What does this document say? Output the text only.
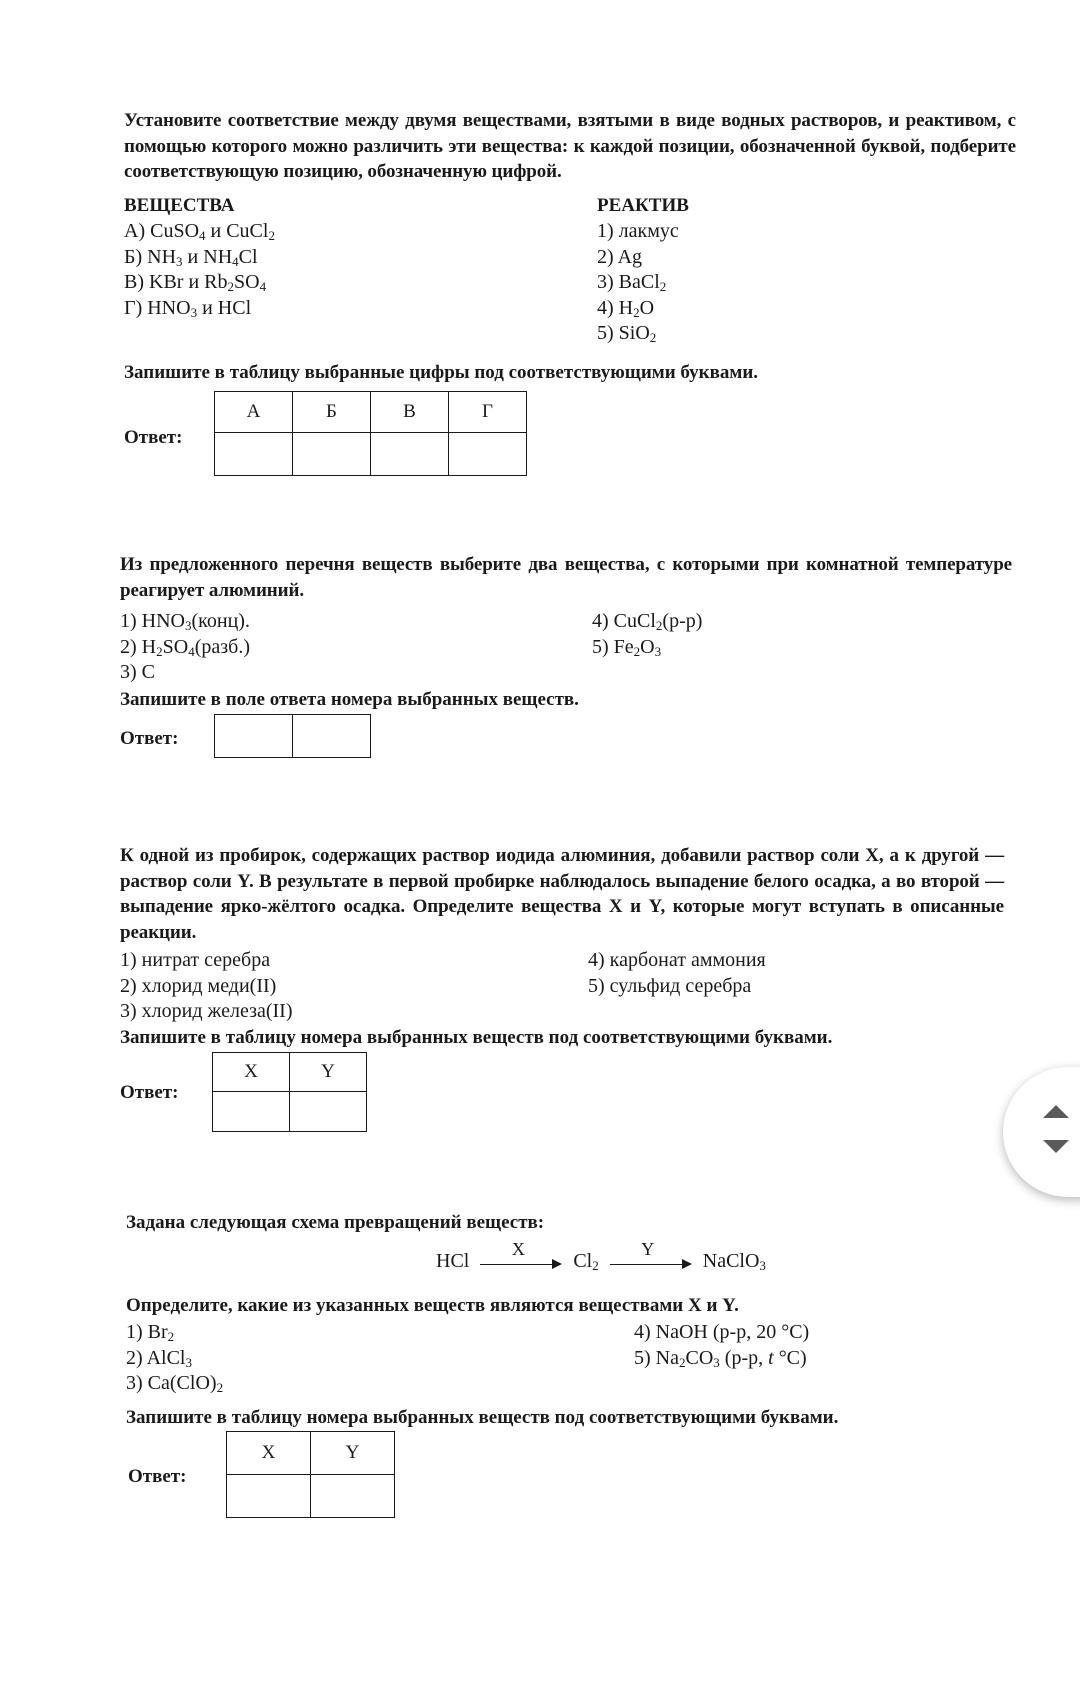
Установите соответствие между двумя веществами, взятыми в виде водных растворов, и реактивом, с помощью которого можно различить эти вещества: к каждой позиции, обозначенной буквой, подберите соответствующую позицию, обозначенную цифрой.
ВЕЩЕСТВА	РЕАКТИВ
А) CuSO$_4$ и CuCl$_2$
Б) $NH_3$ и $NH_4Cl$
В) KBr и $Rb_2SO_4$
Г) $HNO_3$ и HCl
1) лакмус
2) Ag
3) BaCl$_2$
4) $H_2O$
5) SiO$_2$
Запишите в таблицу выбранные цифры под соответствующими буквами.
Ответ:
А	Б	В	Г

Из предложенного перечня веществ выберите два вещества, с которыми при комнатной температуре реагирует алюминий.
1) $HNO_3(конц)$.
2) $H_2SO_4(разб.)$
3) C
4) CuCl$_2$(р-р)
5) $Fe_2O_3$
Запишите в поле ответа номера выбранных веществ.
Ответ:

К одной из пробирок, содержащих раствор иодида алюминия, добавили раствор соли X, а к другой — раствор соли Y. В результате в первой пробирке наблюдалось выпадение белого осадка, а во второй — выпадение ярко-жёлтого осадка. Определите вещества X и Y, которые могут вступать в описанные реакции.
1) нитрат серебра
2) хлорид меди(II)
3) хлорид железа(II)
4) карбонат аммония
5) сульфид серебра
Запишите в таблицу номера выбранных веществ под соответствующими буквами.
Ответ:
X	Y

Задана следующая схема превращений веществ:
HCl
X
$Cl_2$
Y
NaClO$_3$
Определите, какие из указанных веществ являются веществами X и Y.
1) $Br_2$
2) AlCl$_3$
3) $Ca(ClO)_2$
4) NaOH (р-р, 20 °C)
5) $Na_2CO_3$ (р-р, t °C)
Запишите в таблицу номера выбранных веществ под соответствующими буквами.
Ответ:
X	Y
